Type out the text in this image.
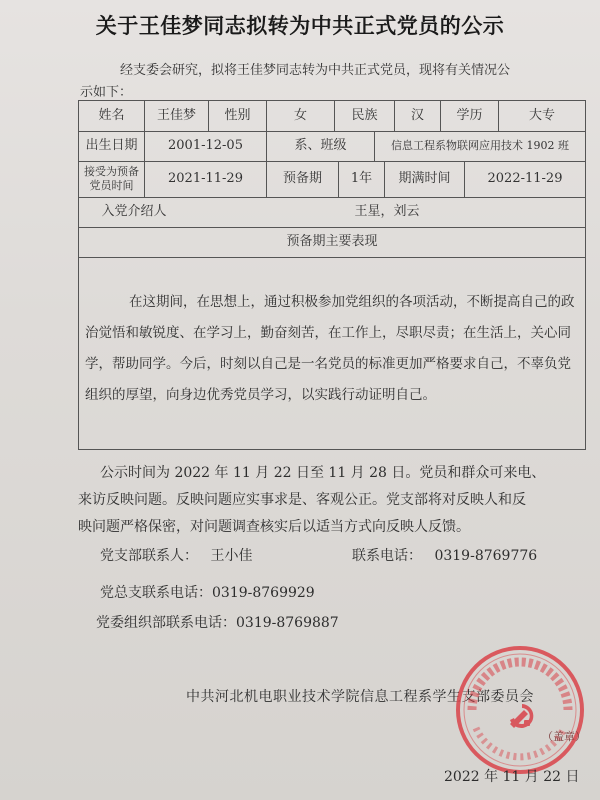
关于王佳梦同志拟转为中共正式党员的公示
经支委会研究，拟将王佳梦同志转为中共正式党员，现将有关情况公
示如下：
姓名	王佳梦	性别	女	民族	汉	学历	大专
出生日期	2001-12-05	系、班级	信息工程系物联网应用技术 1902 班
接受为预备党员时间	2021-11-29	预备期	1年	期满时间	2022-11-29
入党介绍人	王星，刘云
预备期主要表现
在这期间，在思想上，通过积极参加党组织的各项活动，不断提高自己的政治觉悟和敏锐度、在学习上，勤奋刻苦，在工作上，尽职尽责；在生活上，关心同学，帮助同学。今后，时刻以自己是一名党员的标准更加严格要求自己，不辜负党组织的厚望，向身边优秀党员学习，以实践行动证明自己。

公示时间为 2022 年 11 月 22 日至 11 月 28 日。党员和群众可来电、

来访反映问题。反映问题应实事求是、客观公正。党支部将对反映人和反

映问题严格保密，对问题调查核实后以适当方式向反映人反馈。

党支部联系人： 王小佳	联系电话： 0319-8769776
党总支联系电话：0319-8769929
党委组织部联系电话：0319-8769887
中共河北机电职业技术学院信息工程系学生支部委员会
（盖章）
2022 年 11 月 22 日
